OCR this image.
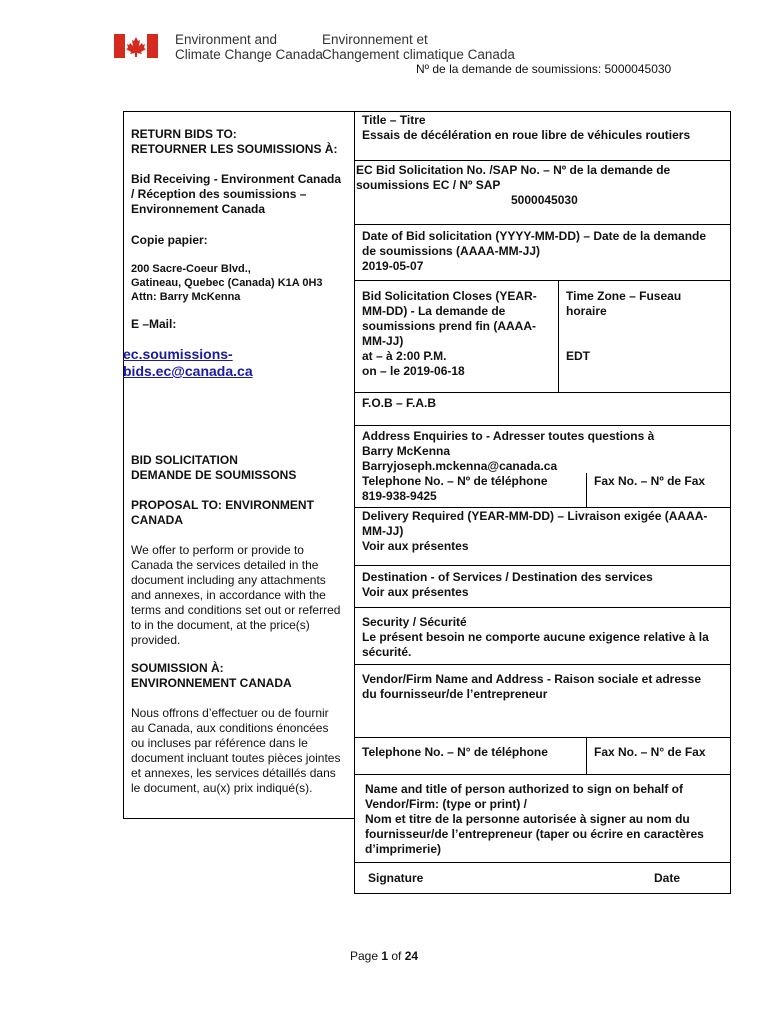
Environment and
Climate Change Canada
Environnement et
Changement climatique Canada
Nº de la demande de soumissions: 5000045030
RETURN BIDS TO:
RETOURNER LES SOUMISSIONS À:
Bid Receiving - Environment Canada
/ Réception des soumissions –
Environnement Canada
Copie papier:
200 Sacre-Coeur Blvd.,
Gatineau, Quebec (Canada) K1A 0H3
Attn: Barry McKenna
E –Mail:
ec.soumissions-
bids.ec@canada.ca
BID SOLICITATION
DEMANDE DE SOUMISSONS
PROPOSAL TO: ENVIRONMENT
CANADA
We offer to perform or provide to
Canada the services detailed in the
document including any attachments
and annexes, in accordance with the
terms and conditions set out or referred
to in the document, at the price(s)
provided.
SOUMISSION À:
ENVIRONNEMENT CANADA
Nous offrons d’effectuer ou de fournir
au Canada, aux conditions énoncées
ou incluses par référence dans le
document incluant toutes pièces jointes
et annexes, les services détaillés dans
le document, au(x) prix indiqué(s).
Title – Titre
Essais de décélération en roue libre de véhicules routiers
EC Bid Solicitation No. /SAP No. – Nº de la demande de
soumissions EC / Nº SAP
5000045030
Date of Bid solicitation (YYYY-MM-DD) – Date de la demande
de soumissions (AAAA-MM-JJ)
2019-05-07
Bid Solicitation Closes (YEAR-
MM-DD) - La demande de
soumissions prend fin (AAAA-
MM-JJ)
at – à 2:00 P.M.
on – le 2019-06-18
Time Zone – Fuseau
horaire
EDT
F.O.B – F.A.B
Address Enquiries to - Adresser toutes questions à
Barry McKenna
Barryjoseph.mckenna@canada.ca
Telephone No. – Nº de téléphone
819-938-9425
Fax No. – Nº de Fax
Delivery Required (YEAR-MM-DD) – Livraison exigée (AAAA-
MM-JJ)
Voir aux présentes
Destination - of Services / Destination des services
Voir aux présentes
Security / Sécurité
Le présent besoin ne comporte aucune exigence relative à la
sécurité.
Vendor/Firm Name and Address - Raison sociale et adresse
du fournisseur/de l’entrepreneur
Telephone No. – N° de téléphone	Fax No. – N° de Fax
Name and title of person authorized to sign on behalf of
Vendor/Firm: (type or print) /
Nom et titre de la personne autorisée à signer au nom du
fournisseur/de l’entrepreneur (taper ou écrire en caractères
d’imprimerie)
Signature	Date
Page 1 of 24
